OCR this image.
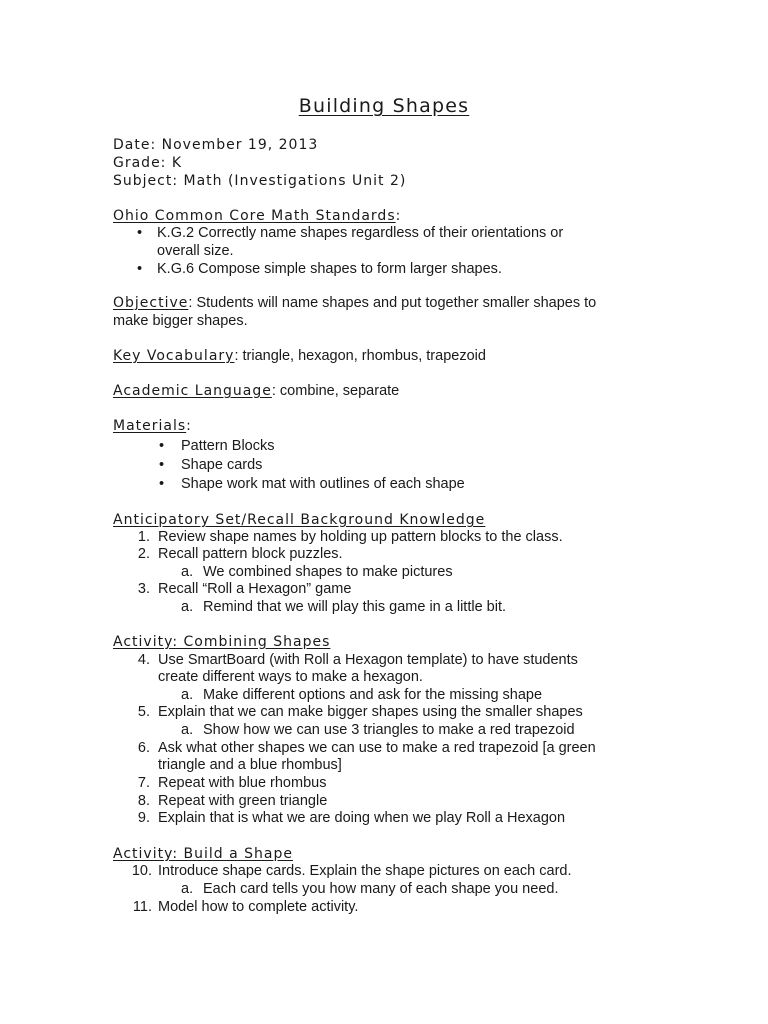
Building Shapes
Date: November 19, 2013
Grade: K
Subject: Math (Investigations Unit 2)
Ohio Common Core Math Standards:
• K.G.2 Correctly name shapes regardless of their orientations or
overall size.
• K.G.6 Compose simple shapes to form larger shapes.
Objective: Students will name shapes and put together smaller shapes to
make bigger shapes.
Key Vocabulary: triangle, hexagon, rhombus, trapezoid
Academic Language: combine, separate
Materials:
• Pattern Blocks
• Shape cards
• Shape work mat with outlines of each shape
Anticipatory Set/Recall Background Knowledge
1. Review shape names by holding up pattern blocks to the class.
2. Recall pattern block puzzles.
a. We combined shapes to make pictures
3. Recall “Roll a Hexagon” game
a. Remind that we will play this game in a little bit.
Activity: Combining Shapes
4. Use SmartBoard (with Roll a Hexagon template) to have students
create different ways to make a hexagon.
a. Make different options and ask for the missing shape
5. Explain that we can make bigger shapes using the smaller shapes
a. Show how we can use 3 triangles to make a red trapezoid
6. Ask what other shapes we can use to make a red trapezoid [a green
triangle and a blue rhombus]
7. Repeat with blue rhombus
8. Repeat with green triangle
9. Explain that is what we are doing when we play Roll a Hexagon
Activity: Build a Shape
10. Introduce shape cards. Explain the shape pictures on each card.
a. Each card tells you how many of each shape you need.
11. Model how to complete activity.
